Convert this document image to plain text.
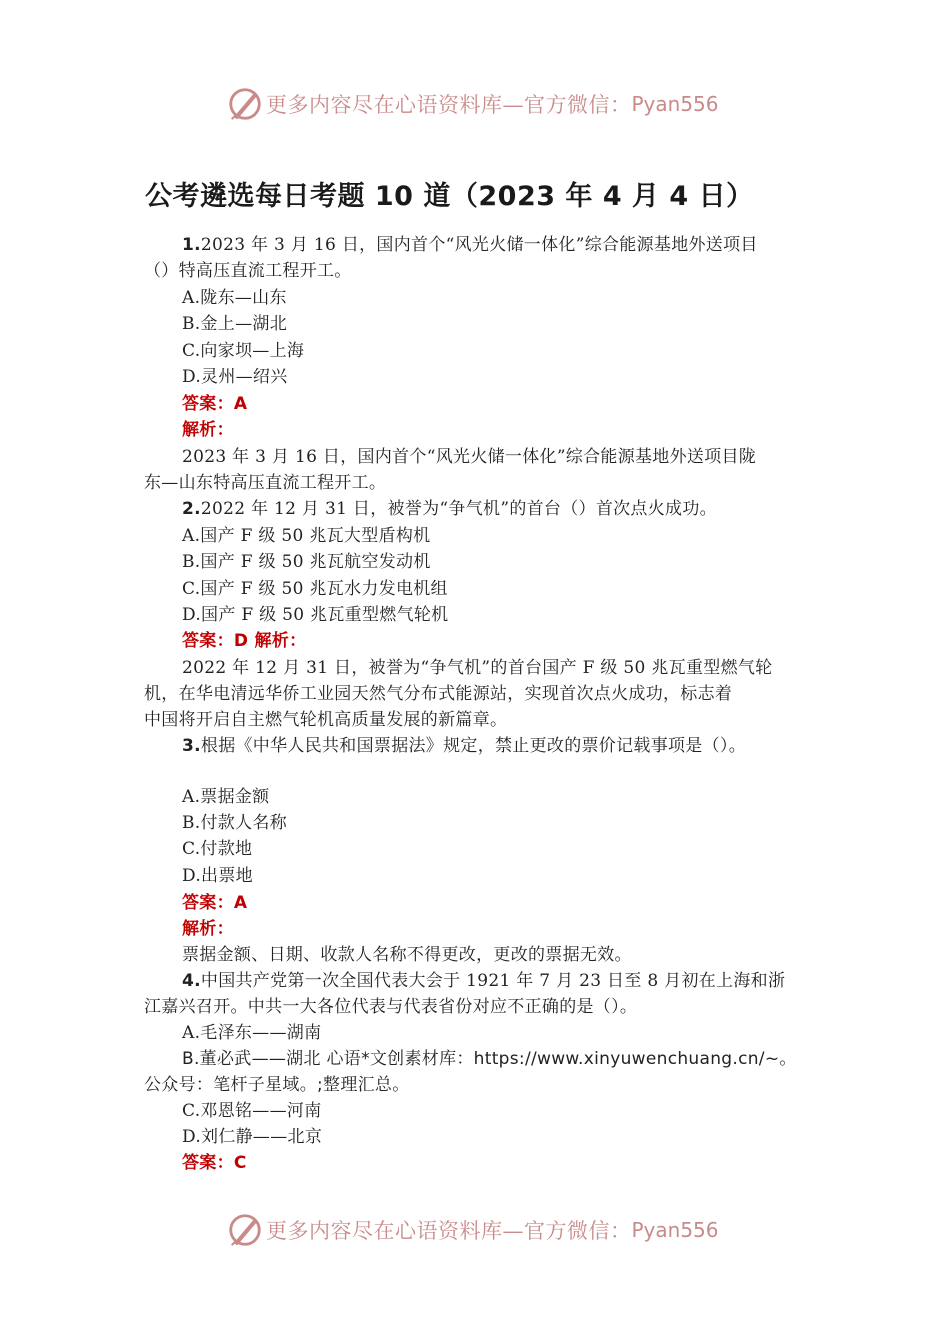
更多内容尽在心语资料库—官方微信： Pyan556
公考遴选每日考题 10 道（2023 年 4 月 4 日）
1.2023 年 3 月 16 日，国内首个“风光火储一体化”综合能源基地外送项目
（）特高压直流工程开工。
A.陇东—山东
B.金上—湖北
C.向家坝—上海
D.灵州—绍兴
答案：A
解析：
2023 年 3 月 16 日，国内首个“风光火储一体化”综合能源基地外送项目陇
东—山东特高压直流工程开工。
2.2022 年 12 月 31 日，被誉为“争气机”的首台（）首次点火成功。
A.国产 F 级 50 兆瓦大型盾构机
B.国产 F 级 50 兆瓦航空发动机
C.国产 F 级 50 兆瓦水力发电机组
D.国产 F 级 50 兆瓦重型燃气轮机
答案：D 解析：
2022 年 12 月 31 日，被誉为“争气机”的首台国产 F 级 50 兆瓦重型燃气轮
机，在华电清远华侨工业园天然气分布式能源站，实现首次点火成功，标志着
中国将开启自主燃气轮机高质量发展的新篇章。
3.根据《中华人民共和国票据法》规定，禁止更改的票价记载事项是（）。
A.票据金额
B.付款人名称
C.付款地
D.出票地
答案：A
解析：
票据金额、日期、收款人名称不得更改，更改的票据无效。
4.中国共产党第一次全国代表大会于 1921 年 7 月 23 日至 8 月初在上海和浙
江嘉兴召开。中共一大各位代表与代表省份对应不正确的是（）。
A.毛泽东——湖南
B.董必武——湖北 心语*文创素材库：https://www.xinyuwenchuang.cn/~。
公众号：笔杆子星域。;整理汇总。
C.邓恩铭——河南
D.刘仁静——北京
答案：C
更多内容尽在心语资料库—官方微信： Pyan556
